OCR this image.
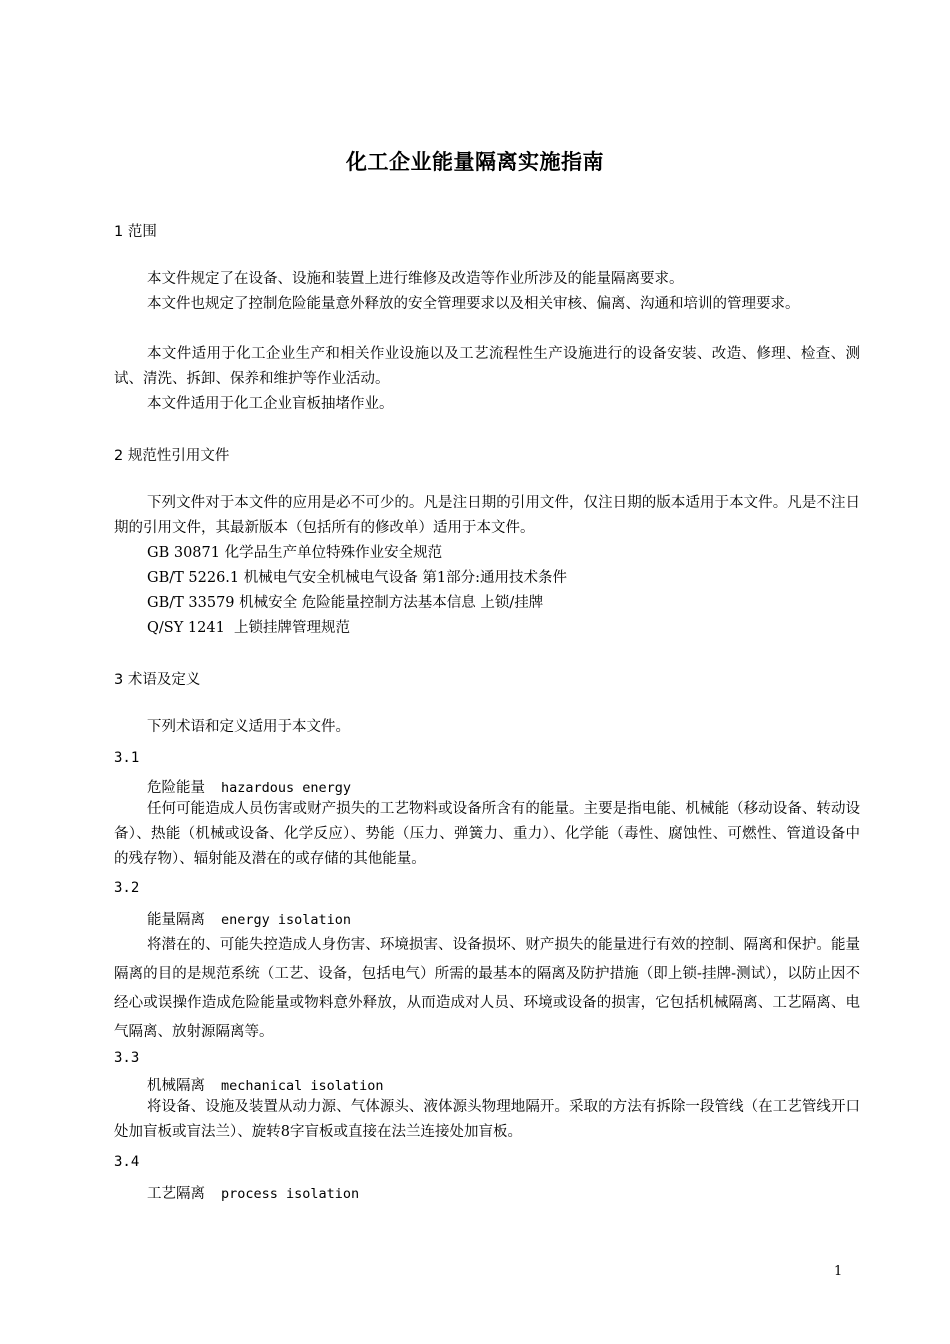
化工企业能量隔离实施指南
1 范围
本文件规定了在设备、设施和装置上进行维修及改造等作业所涉及的能量隔离要求。
本文件也规定了控制危险能量意外释放的安全管理要求以及相关审核、偏离、沟通和培训的管理要求。
本文件适用于化工企业生产和相关作业设施以及工艺流程性生产设施进行的设备安装、改造、修理、检查、测试、清洗、拆卸、保养和维护等作业活动。
本文件适用于化工企业盲板抽堵作业。
2 规范性引用文件
下列文件对于本文件的应用是必不可少的。凡是注日期的引用文件，仅注日期的版本适用于本文件。凡是不注日期的引用文件，其最新版本（包括所有的修改单）适用于本文件。
GB 30871 化学品生产单位特殊作业安全规范
GB/T 5226.1 机械电气安全机械电气设备 第1部分:通用技术条件
GB/T 33579 机械安全 危险能量控制方法基本信息 上锁/挂牌
Q/SY 1241  上锁挂牌管理规范
3 术语及定义
下列术语和定义适用于本文件。
3.1
危险能量 hazardous energy
任何可能造成人员伤害或财产损失的工艺物料或设备所含有的能量。主要是指电能、机械能（移动设备、转动设备）、热能（机械或设备、化学反应）、势能（压力、弹簧力、重力）、化学能（毒性、腐蚀性、可燃性、管道设备中的残存物）、辐射能及潜在的或存储的其他能量。
3.2
能量隔离 energy isolation
将潜在的、可能失控造成人身伤害、环境损害、设备损坏、财产损失的能量进行有效的控制、隔离和保护。能量隔离的目的是规范系统（工艺、设备，包括电气）所需的最基本的隔离及防护措施（即上锁-挂牌-测试），以防止因不经心或误操作造成危险能量或物料意外释放，从而造成对人员、环境或设备的损害，它包括机械隔离、工艺隔离、电气隔离、放射源隔离等。
3.3
机械隔离 mechanical isolation
将设备、设施及装置从动力源、气体源头、液体源头物理地隔开。采取的方法有拆除一段管线（在工艺管线开口处加盲板或盲法兰）、旋转8字盲板或直接在法兰连接处加盲板。
3.4
工艺隔离 process isolation
1
